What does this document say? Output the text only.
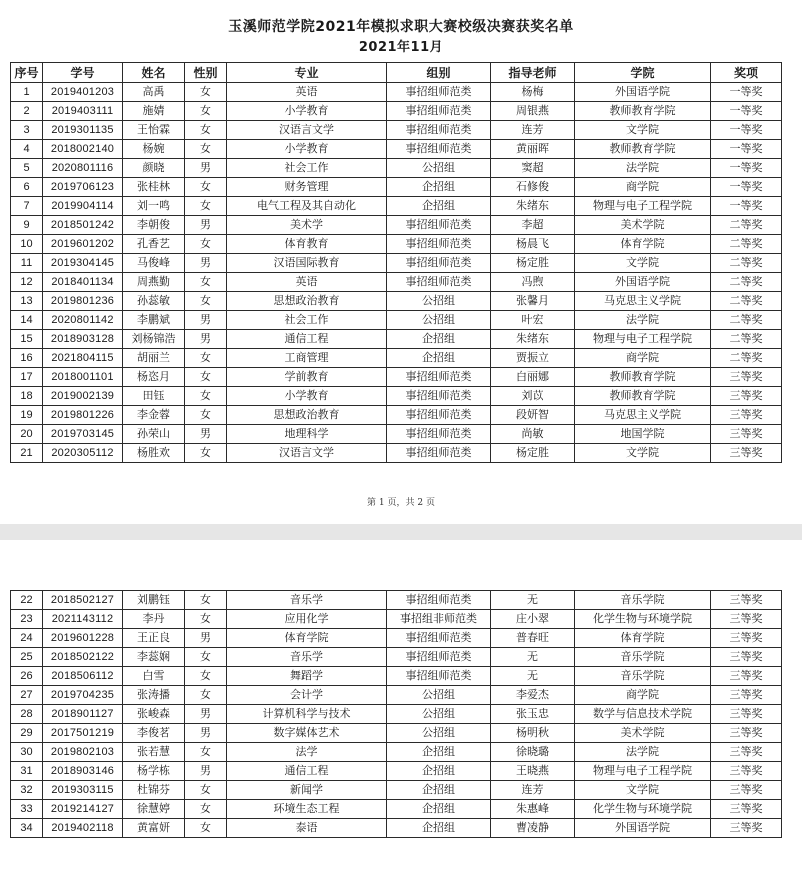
玉溪师范学院2021年模拟求职大赛校级决赛获奖名单
2021年11月
序号	学号	姓名	性别	专业	组别	指导老师	学院	奖项
1	2019401203	高禹	女	英语	事招组师范类	杨梅	外国语学院	一等奖
2	2019403111	施婧	女	小学教育	事招组师范类	周银燕	教师教育学院	一等奖
3	2019301135	王怡霖	女	汉语言文学	事招组师范类	连芳	文学院	一等奖
4	2018002140	杨婉	女	小学教育	事招组师范类	黄丽晖	教师教育学院	一等奖
5	2020801116	颜晓	男	社会工作	公招组	窦超	法学院	一等奖
6	2019706123	张桂林	女	财务管理	企招组	石修俊	商学院	一等奖
7	2019904114	刘一鸣	女	电气工程及其自动化	企招组	朱绪东	物理与电子工程学院	一等奖
9	2018501242	李朝俊	男	美术学	事招组师范类	李超	美术学院	二等奖
10	2019601202	孔香艺	女	体育教育	事招组师范类	杨晨飞	体育学院	二等奖
11	2019304145	马俊峰	男	汉语国际教育	事招组师范类	杨定胜	文学院	二等奖
12	2018401134	周燕勤	女	英语	事招组师范类	冯煦	外国语学院	二等奖
13	2019801236	孙蕊敏	女	思想政治教育	公招组	张馨月	马克思主义学院	二等奖
14	2020801142	李鹏斌	男	社会工作	公招组	叶宏	法学院	二等奖
15	2018903128	刘杨锦浩	男	通信工程	企招组	朱绪东	物理与电子工程学院	二等奖
16	2021804115	胡丽兰	女	工商管理	企招组	贾振立	商学院	二等奖
17	2018001101	杨恣月	女	学前教育	事招组师范类	白丽娜	教师教育学院	三等奖
18	2019002139	田钰	女	小学教育	事招组师范类	刘苡	教师教育学院	三等奖
19	2019801226	李金蓉	女	思想政治教育	事招组师范类	段妍智	马克思主义学院	三等奖
20	2019703145	孙荣山	男	地理科学	事招组师范类	尚敏	地国学院	三等奖
21	2020305112	杨胜欢	女	汉语言文学	事招组师范类	杨定胜	文学院	三等奖
第 1 页，共 2 页
22	2018502127	刘鹏钰	女	音乐学	事招组师范类	无	音乐学院	三等奖
23	2021143112	李丹	女	应用化学	事招组非师范类	庄小翠	化学生物与环境学院	三等奖
24	2019601228	王正良	男	体育学院	事招组师范类	普春旺	体育学院	三等奖
25	2018502122	李蕊娴	女	音乐学	事招组师范类	无	音乐学院	三等奖
26	2018506112	白雪	女	舞蹈学	事招组师范类	无	音乐学院	三等奖
27	2019704235	张涛播	女	会计学	公招组	李爱杰	商学院	三等奖
28	2018901127	张峻森	男	计算机科学与技术	公招组	张玉忠	数学与信息技术学院	三等奖
29	2017501219	李俊茗	男	数字媒体艺术	公招组	杨明秋	美术学院	三等奖
30	2019802103	张若慧	女	法学	企招组	徐晓璐	法学院	三等奖
31	2018903146	杨学栋	男	通信工程	企招组	王晓燕	物理与电子工程学院	三等奖
32	2019303115	杜锦芬	女	新闻学	企招组	连芳	文学院	三等奖
33	2019214127	徐慧婷	女	环境生态工程	企招组	朱惠峰	化学生物与环境学院	三等奖
34	2019402118	黄富妍	女	泰语	企招组	曹凌静	外国语学院	三等奖
